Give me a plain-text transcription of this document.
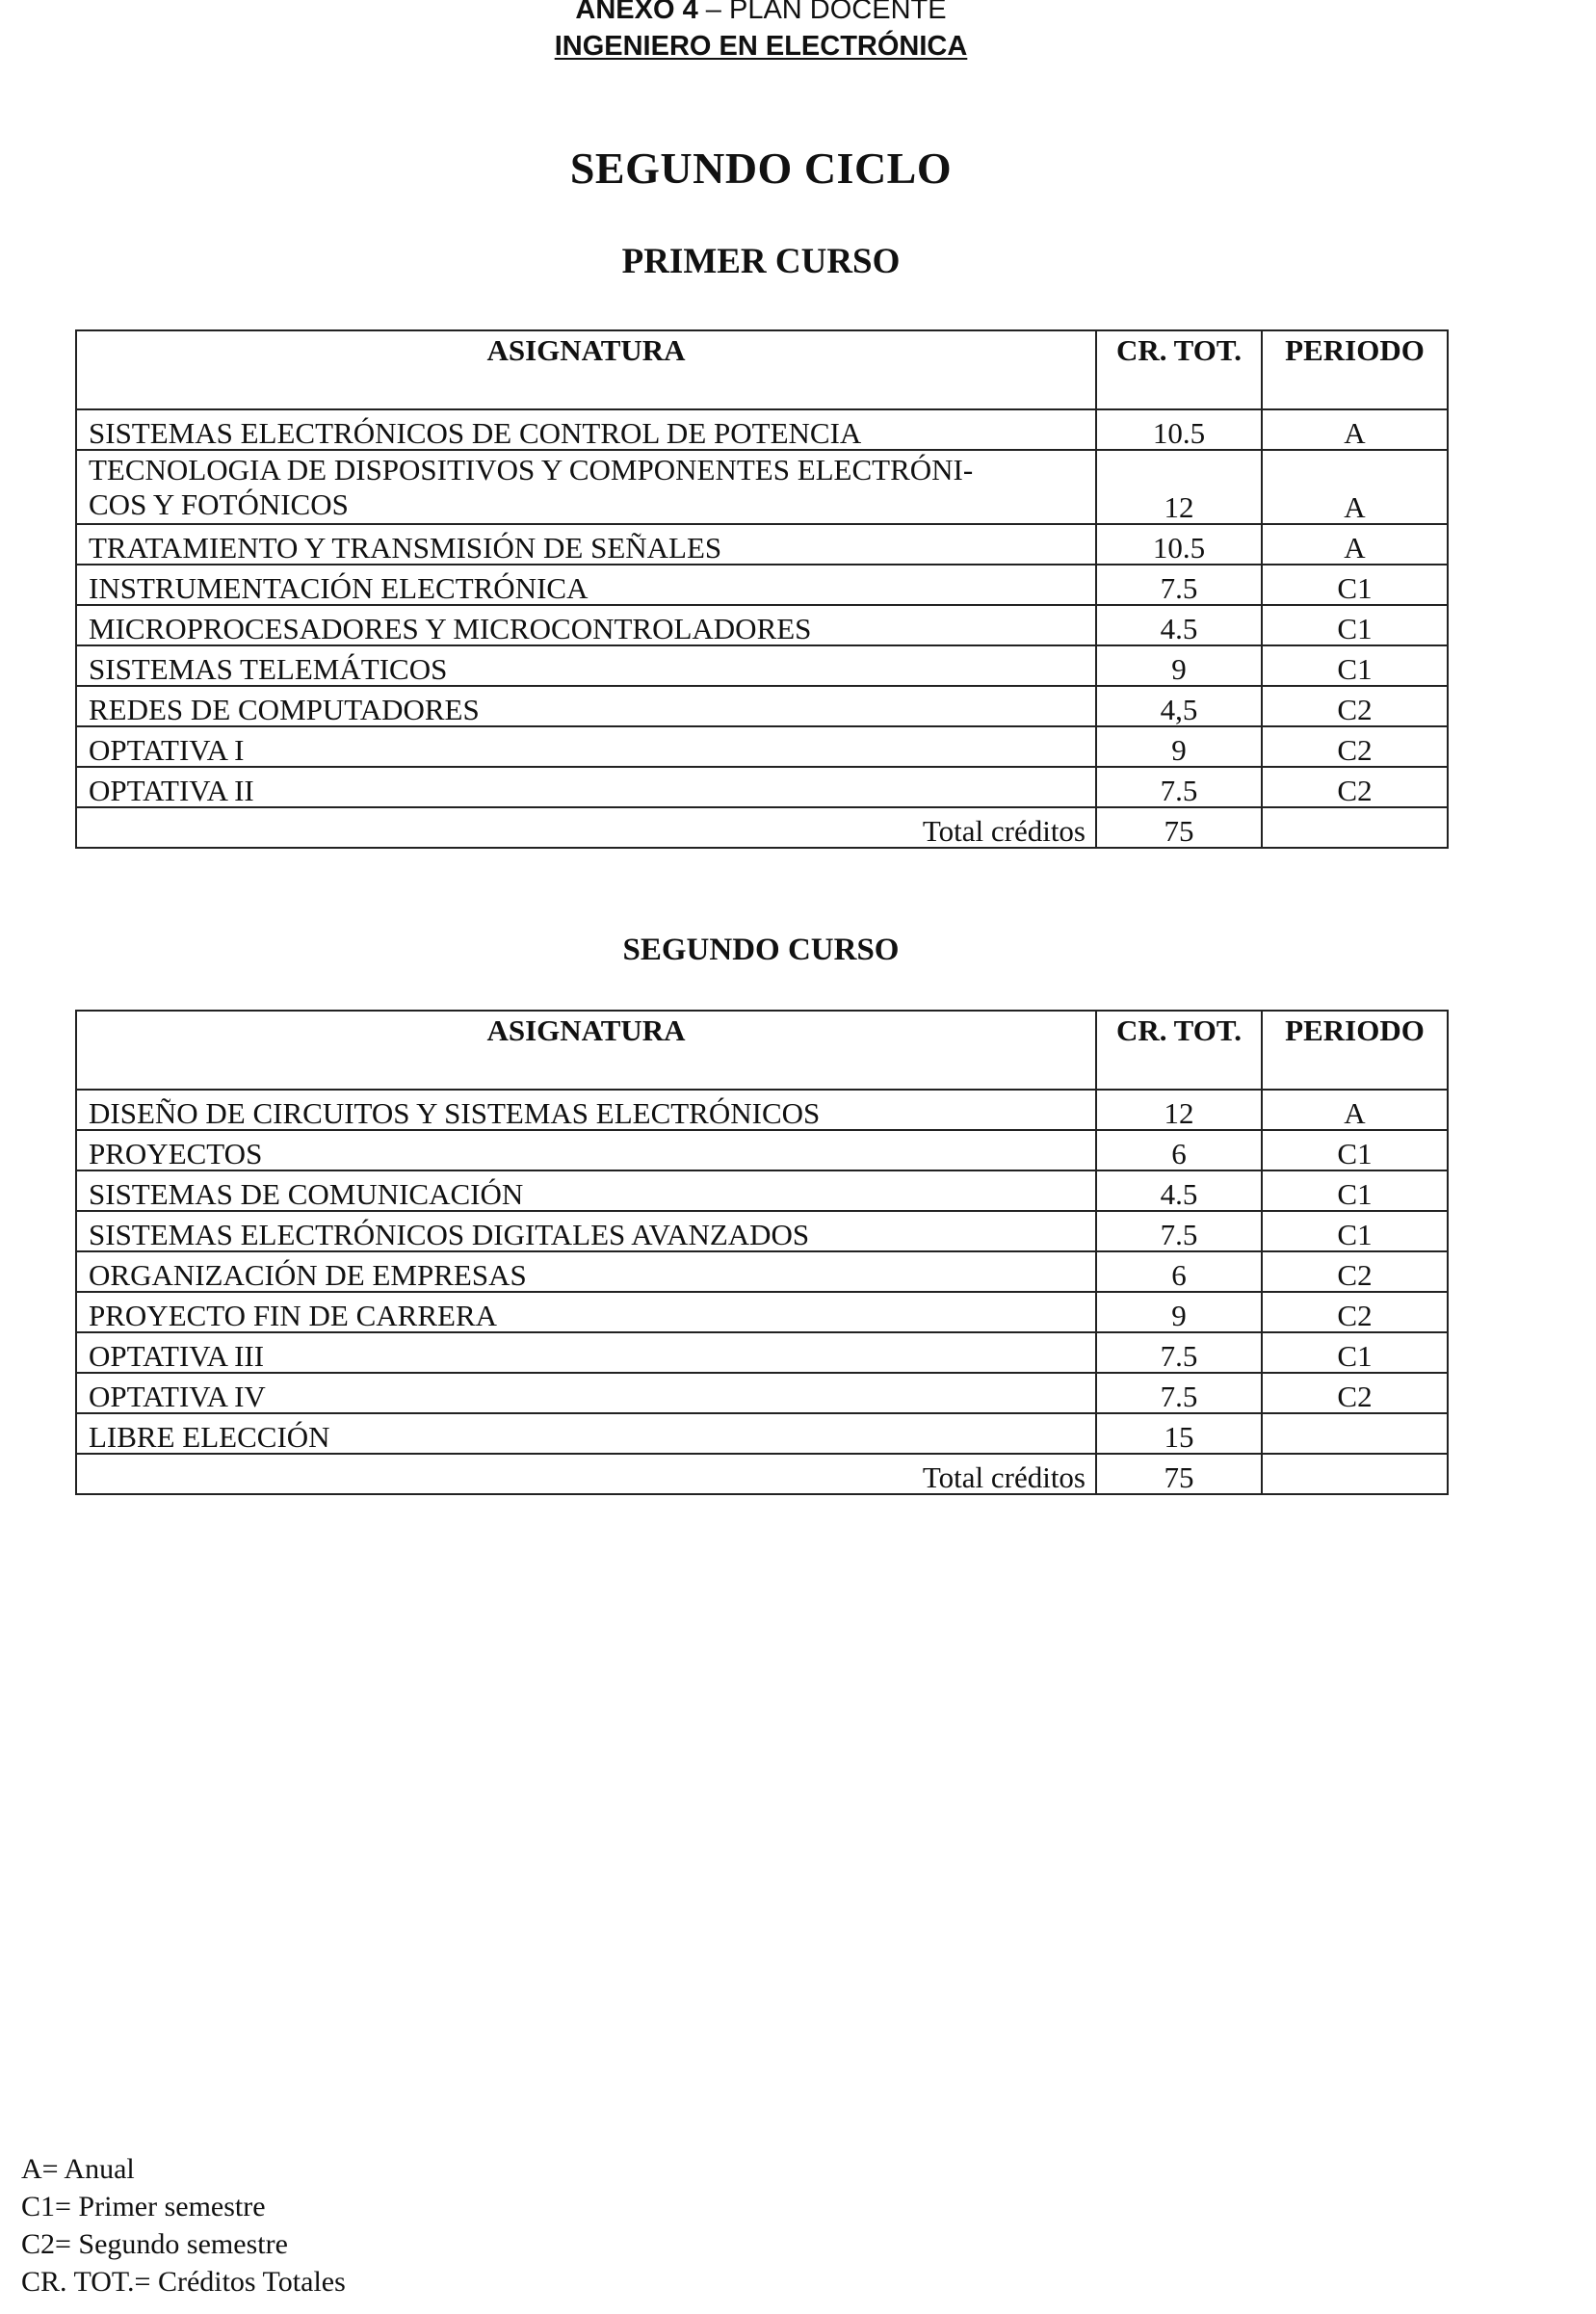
ANEXO 4 – PLAN DOCENTE
INGENIERO EN ELECTRÓNICA
SEGUNDO CICLO
PRIMER CURSO
ASIGNATURA	CR. TOT.	PERIODO
SISTEMAS ELECTRÓNICOS DE CONTROL DE POTENCIA	10.5	A

TECNOLOGIA DE DISPOSITIVOS Y COMPONENTES ELECTRÓNI-
COS Y FOTÓNICOS	12	A
TRATAMIENTO Y TRANSMISIÓN DE SEÑALES	10.5	A
INSTRUMENTACIÓN ELECTRÓNICA	7.5	C1
MICROPROCESADORES Y MICROCONTROLADORES	4.5	C1
SISTEMAS TELEMÁTICOS	9	C1
REDES DE COMPUTADORES	4,5	C2
OPTATIVA I	9	C2
OPTATIVA II	7.5	C2
Total créditos	75	
SEGUNDO CURSO
ASIGNATURA	CR. TOT.	PERIODO
DISEÑO DE CIRCUITOS Y SISTEMAS ELECTRÓNICOS	12	A
PROYECTOS	6	C1
SISTEMAS DE COMUNICACIÓN	4.5	C1
SISTEMAS ELECTRÓNICOS DIGITALES AVANZADOS	7.5	C1
ORGANIZACIÓN DE EMPRESAS	6	C2
PROYECTO FIN DE CARRERA	9	C2
OPTATIVA III	7.5	C1
OPTATIVA IV	7.5	C2
LIBRE ELECCIÓN	15	
Total créditos	75	
A= Anual
C1= Primer semestre
C2= Segundo semestre
CR. TOT.= Créditos Totales
